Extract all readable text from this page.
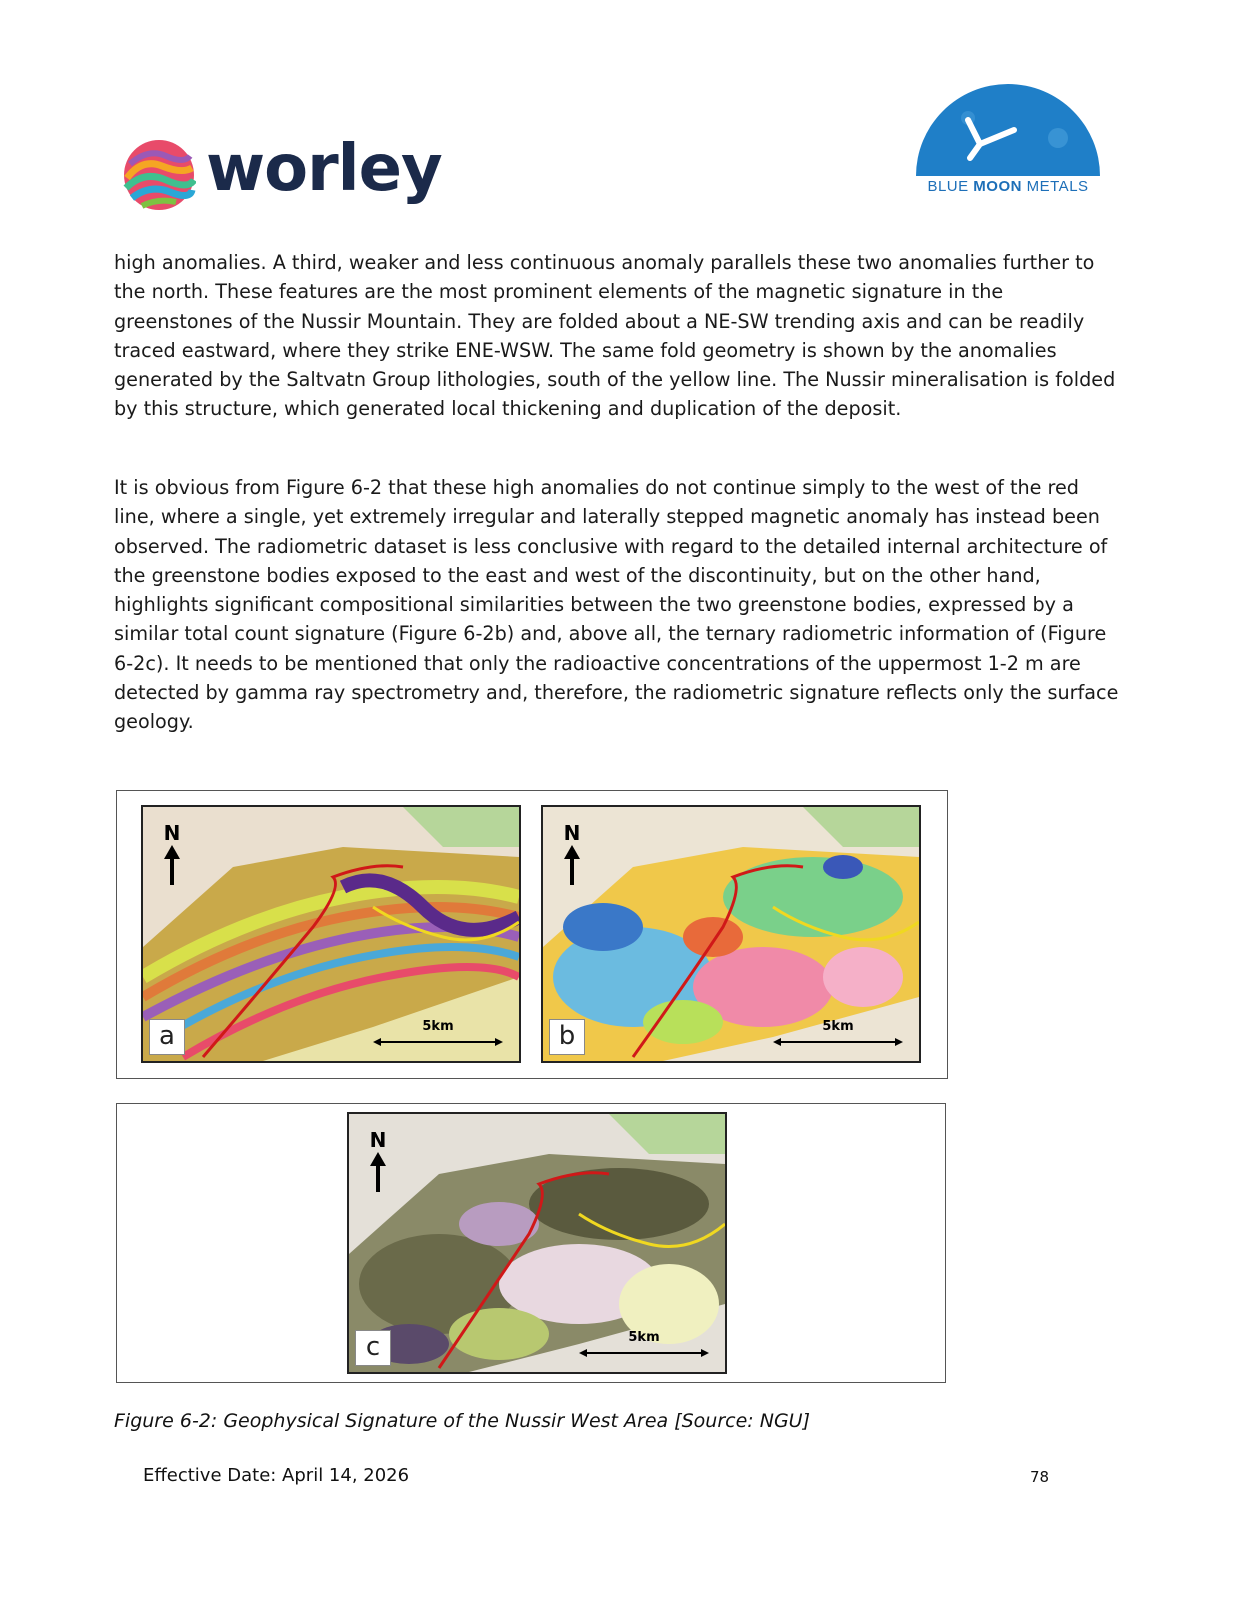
worley	BLUE MOON METALS

high anomalies. A third, weaker and less continuous anomaly parallels these two anomalies further to the north. These features are the most prominent elements of the magnetic signature in the greenstones of the Nussir Mountain. They are folded about a NE-SW trending axis and can be readily traced eastward, where they strike ENE-WSW. The same fold geometry is shown by the anomalies generated by the Saltvatn Group lithologies, south of the yellow line. The Nussir mineralisation is folded by this structure, which generated local thickening and duplication of the deposit.

It is obvious from Figure 6-2 that these high anomalies do not continue simply to the west of the red line, where a single, yet extremely irregular and laterally stepped magnetic anomaly has instead been observed. The radiometric dataset is less conclusive with regard to the detailed internal architecture of the greenstone bodies exposed to the east and west of the discontinuity, but on the other hand, highlights significant compositional similarities between the two greenstone bodies, expressed by a similar total count signature (Figure 6-2b) and, above all, the ternary radiometric information of (Figure 6-2c). It needs to be mentioned that only the radioactive concentrations of the uppermost 1-2 m are detected by gamma ray spectrometry and, therefore, the radiometric signature reflects only the surface geology.

N
a	5km
N
b	5km
N
c	5km
Figure 6-2: Geophysical Signature of the Nussir West Area [Source: NGU]
Effective Date: April 14, 2026	78
